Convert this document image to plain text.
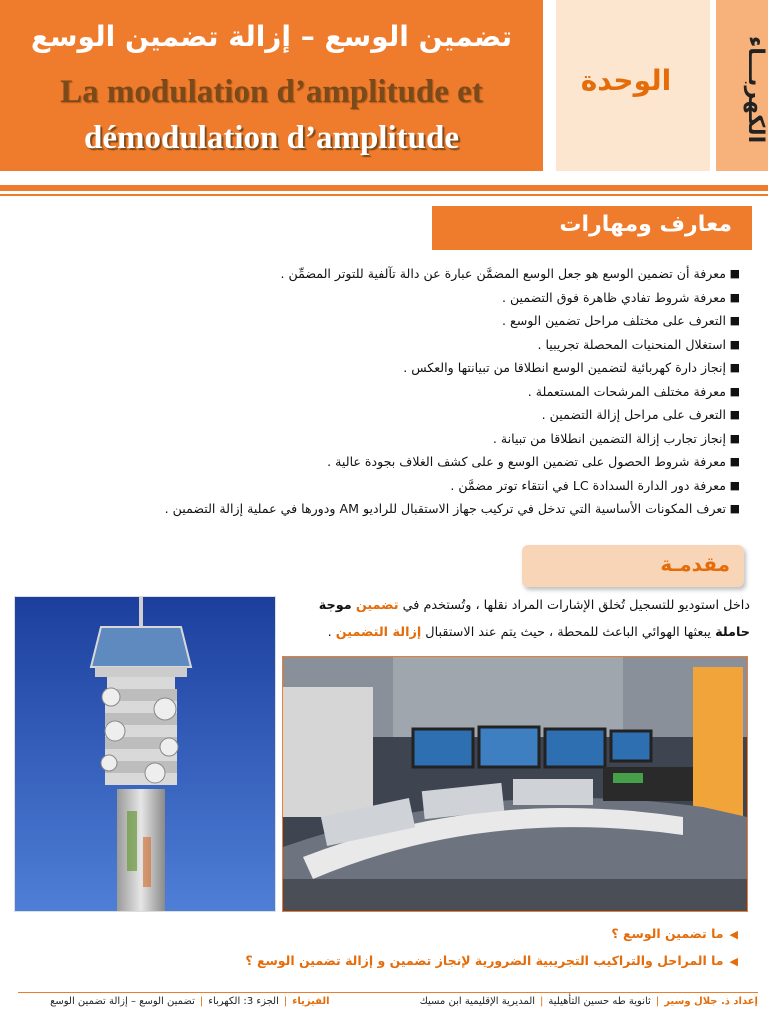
تضمين الوسع – إزالة تضمين الوسع
La modulation d’amplitude et
démodulation d’amplitude
الوحدة	الكهربـــاء
معارف ومهارات
■
معرفة أن تضمين الوسع هو جعل الوسع المضمَّن عبارة عن دالة تآلفية للتوتر المضمِّن .
■
معرفة شروط تفادي ظاهرة فوق التضمين .
■
التعرف على مختلف مراحل تضمين الوسع .
■
استغلال المنحنيات المحصلة تجريبيا .
■
إنجاز دارة كهربائية لتضمين الوسع انطلاقا من تبيانتها والعكس .
■
معرفة مختلف المرشحات المستعملة .
■
التعرف على مراحل إزالة التضمين .
■
إنجاز تجارب إزالة التضمين انطلاقا من تبيانة .
■
معرفة شروط الحصول على تضمين الوسع و على كشف الغلاف بجودة عالية .
■
معرفة دور الدارة السدادة LC في انتقاء توتر مضمَّن .
■
تعرف المكونات الأساسية التي تدخل في تركيب جهاز الاستقبال للراديو AM ودورها في عملية إزالة التضمين .
مقدمـة
داخل استوديو للتسجيل تُخلق الإشارات المراد نقلها ، وتُستخدم في تضمين موجة حاملة يبعثها الهوائي الباعث للمحطة ، حيث يتم عند الاستقبال إزالة التضمين .
◀ما تضمين الوسع ؟
◀ما المراحل والتراكيب التجريبية الضرورية لإنجاز تضمين و إزالة تضمين الوسع ؟
إعداد ذ. جلال وسير|ثانوية طه حسين التأهيلية|المديرية الإقليمية ابن مسيكالفيزياء|الجزء 3: الكهرباء|تضمين الوسع – إزالة تضمين الوسع
